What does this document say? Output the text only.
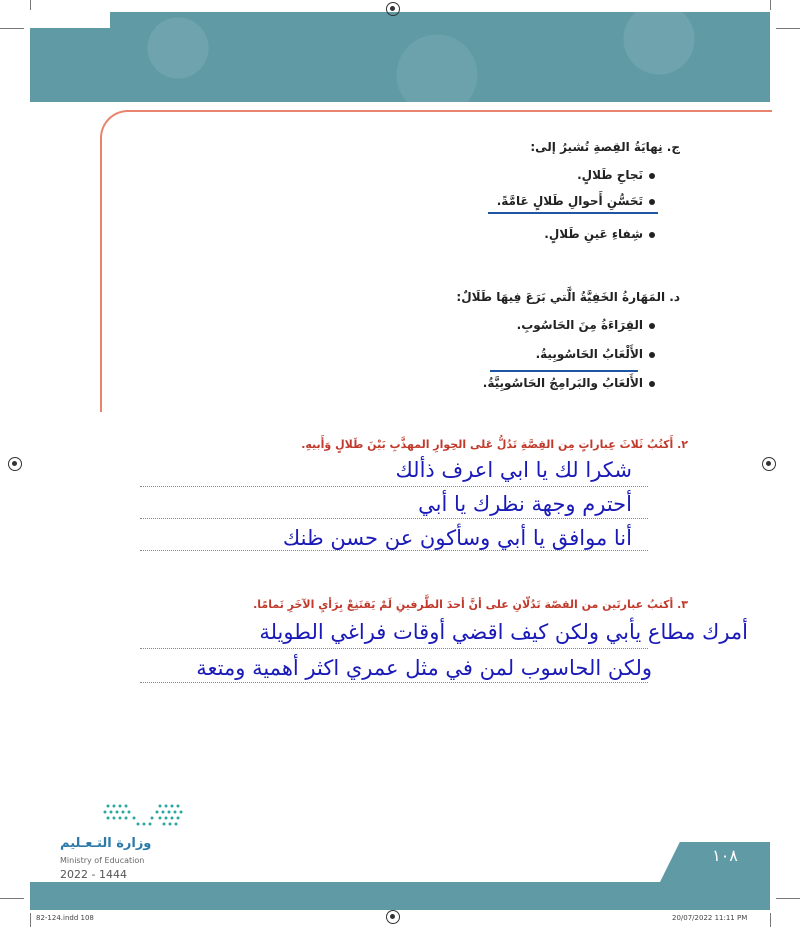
ج. نِهايَةُ القِصةِ تُشيرُ إلى:
نَجاحِ طَلالٍ.
تَحَسُّنِ أَحوالِ طَلالٍ عَامَّةً.
شِفاءِ عَينِ طَلالٍ.
د. المَهَارةُ الخَفِيَّةُ الَّتي بَرَعَ فِيهَا طَلَالٌ:
القِرَاءَةُ مِنَ الحَاسُوبِ.
الأَلْعَابُ الحَاسُوبِيةُ.
الأَلعَابُ والبَرامِجُ الحَاسُوبِيَّةُ.
٢. أَكتُبُ ثَلاثَ عِباراتٍ مِن القِصَّةِ تَدُلُّ عَلى الحِوارِ المهذَّبِ بَيْنَ طَلالٍ وَأَبيهِ.
شكرا لك يا ابي اعرف ذألك
أحترم وجهة نظرك يا أبي
أنا موافق يا أبي وسأكون عن حسن ظنك
٣. أكتبُ عبارتَين من القصّة تَدُلّانِ على أنَّ أحدَ الطَّرفينِ لَمْ يَقتَنِعْ بِرَأيِ الآخَرِ تَمامًا.
أمرك مطاع يأبي ولكن كيف اقضي أوقات فراغي الطويلة
ولكن الحاسوب لمن في مثل عمري اكثر أهمية ومتعة
وزارة التـعـليم
Ministry of Education
2022 - 1444
١٠٨
82-124.indd 108	20/07/2022 11:11 PM
